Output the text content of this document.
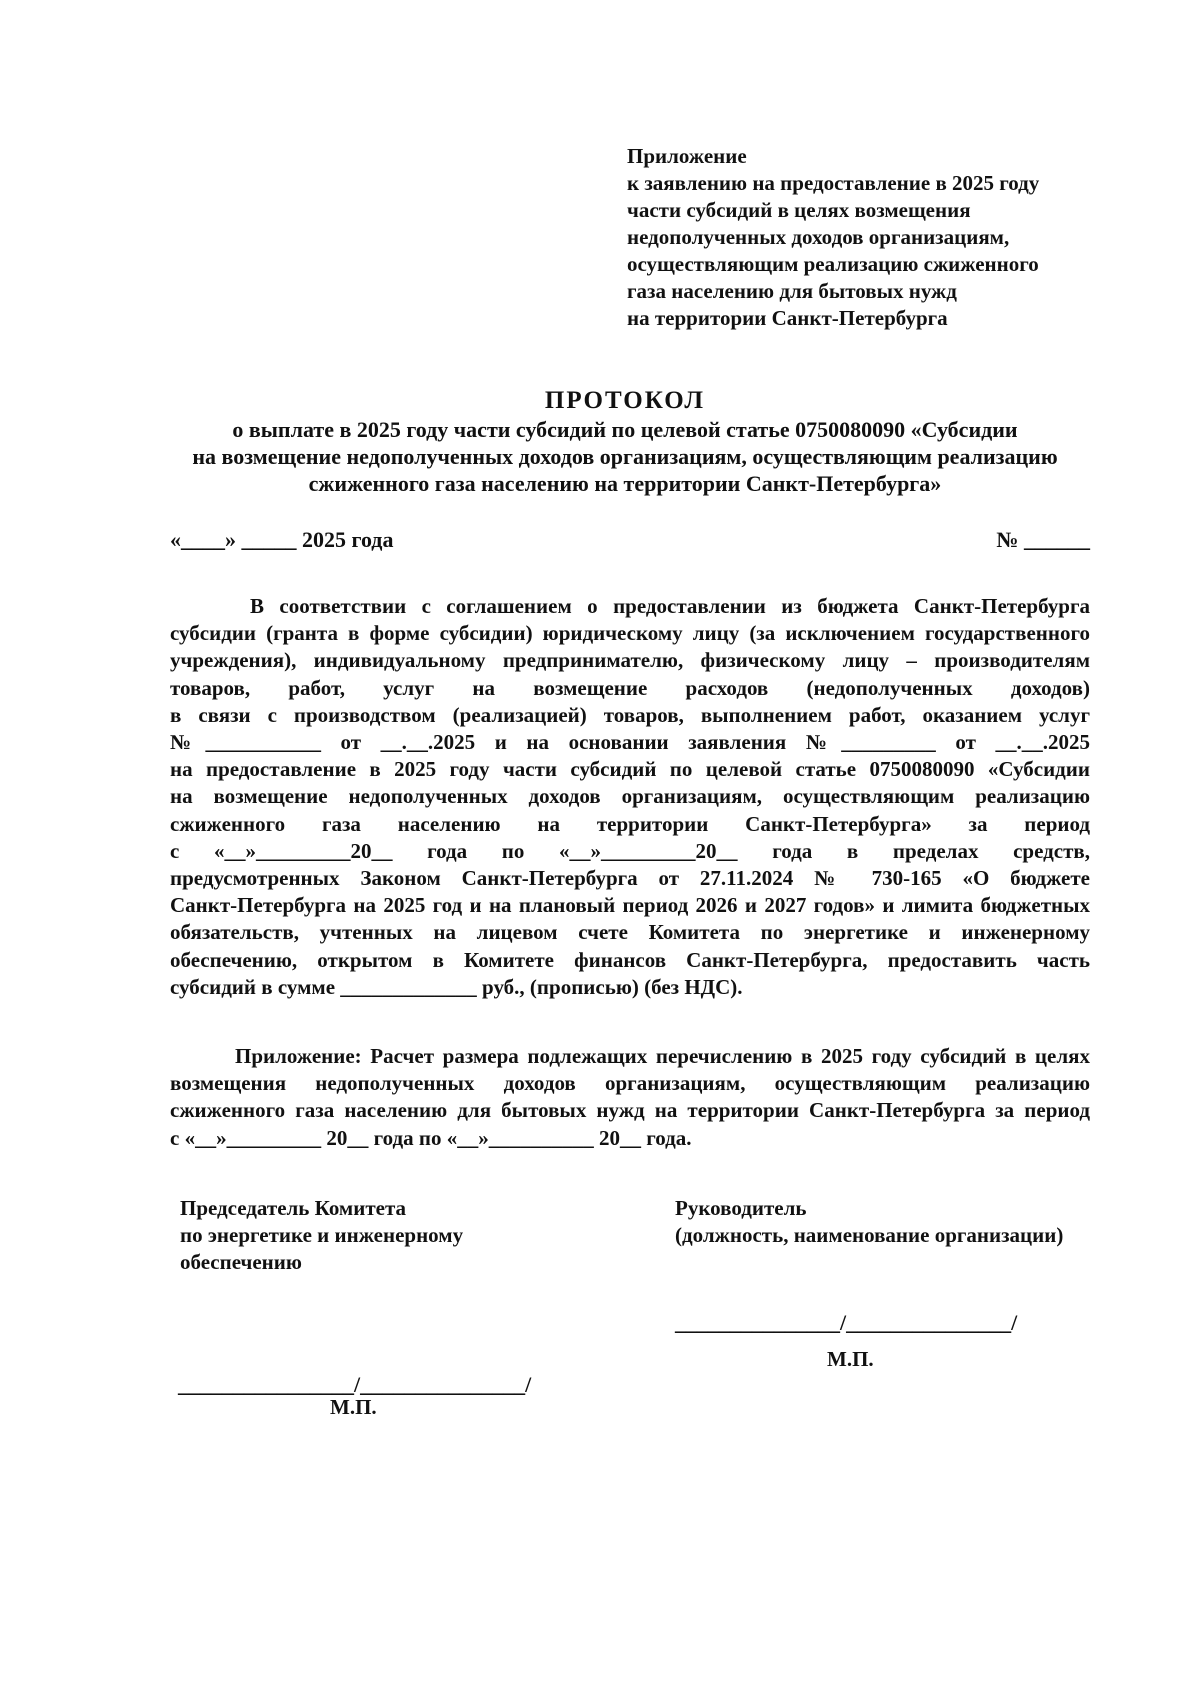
Приложение
к заявлению на предоставление в 2025 году
части субсидий в целях возмещения
недополученных доходов организациям,
осуществляющим реализацию сжиженного
газа населению для бытовых нужд
на территории Санкт-Петербурга
ПРОТОКОЛ
о выплате в 2025 году части субсидий по целевой статье 0750080090 «Субсидии
на возмещение недополученных доходов организациям, осуществляющим реализацию
сжиженного газа населению на территории Санкт-Петербурга»
«____» _____ 2025 года	№ ______
В соответствии с соглашением о предоставлении из бюджета Санкт-Петербурга
субсидии (гранта в форме субсидии) юридическому лицу (за исключением государственного
учреждения), индивидуальному предпринимателю, физическому лицу – производителям
товаров, работ, услуг на возмещение расходов (недополученных доходов)
в связи с производством (реализацией) товаров, выполнением работ, оказанием услуг
№___________ от __.__.2025 и на основании заявления №_________ от __.__.2025
на предоставление в 2025 году части субсидий по целевой статье 0750080090 «Субсидии
на возмещение недополученных доходов организациям, осуществляющим реализацию
сжиженного газа населению на территории Санкт-Петербурга» за период
с «__»_________20__ года по «__»_________20__ года в пределах средств,
предусмотренных Законом Санкт-Петербурга от 27.11.2024 № 730-165 «О бюджете
Санкт-Петербурга на 2025 год и на плановый период 2026 и 2027 годов» и лимита бюджетных
обязательств, учтенных на лицевом счете Комитета по энергетике и инженерному
обеспечению, открытом в Комитете финансов Санкт-Петербурга, предоставить часть
субсидий в сумме _____________ руб., (прописью) (без НДС).
Приложение: Расчет размера подлежащих перечислению в 2025 году субсидий в целях
возмещения недополученных доходов организациям, осуществляющим реализацию
сжиженного газа населению для бытовых нужд на территории Санкт-Петербурга за период
с «__»_________ 20__ года по «__»__________ 20__ года.
Председатель Комитета
по энергетике и инженерному
обеспечению
Руководитель
(должность, наименование организации)
_______________/_______________/
М.П.
________________/_______________/
М.П.
